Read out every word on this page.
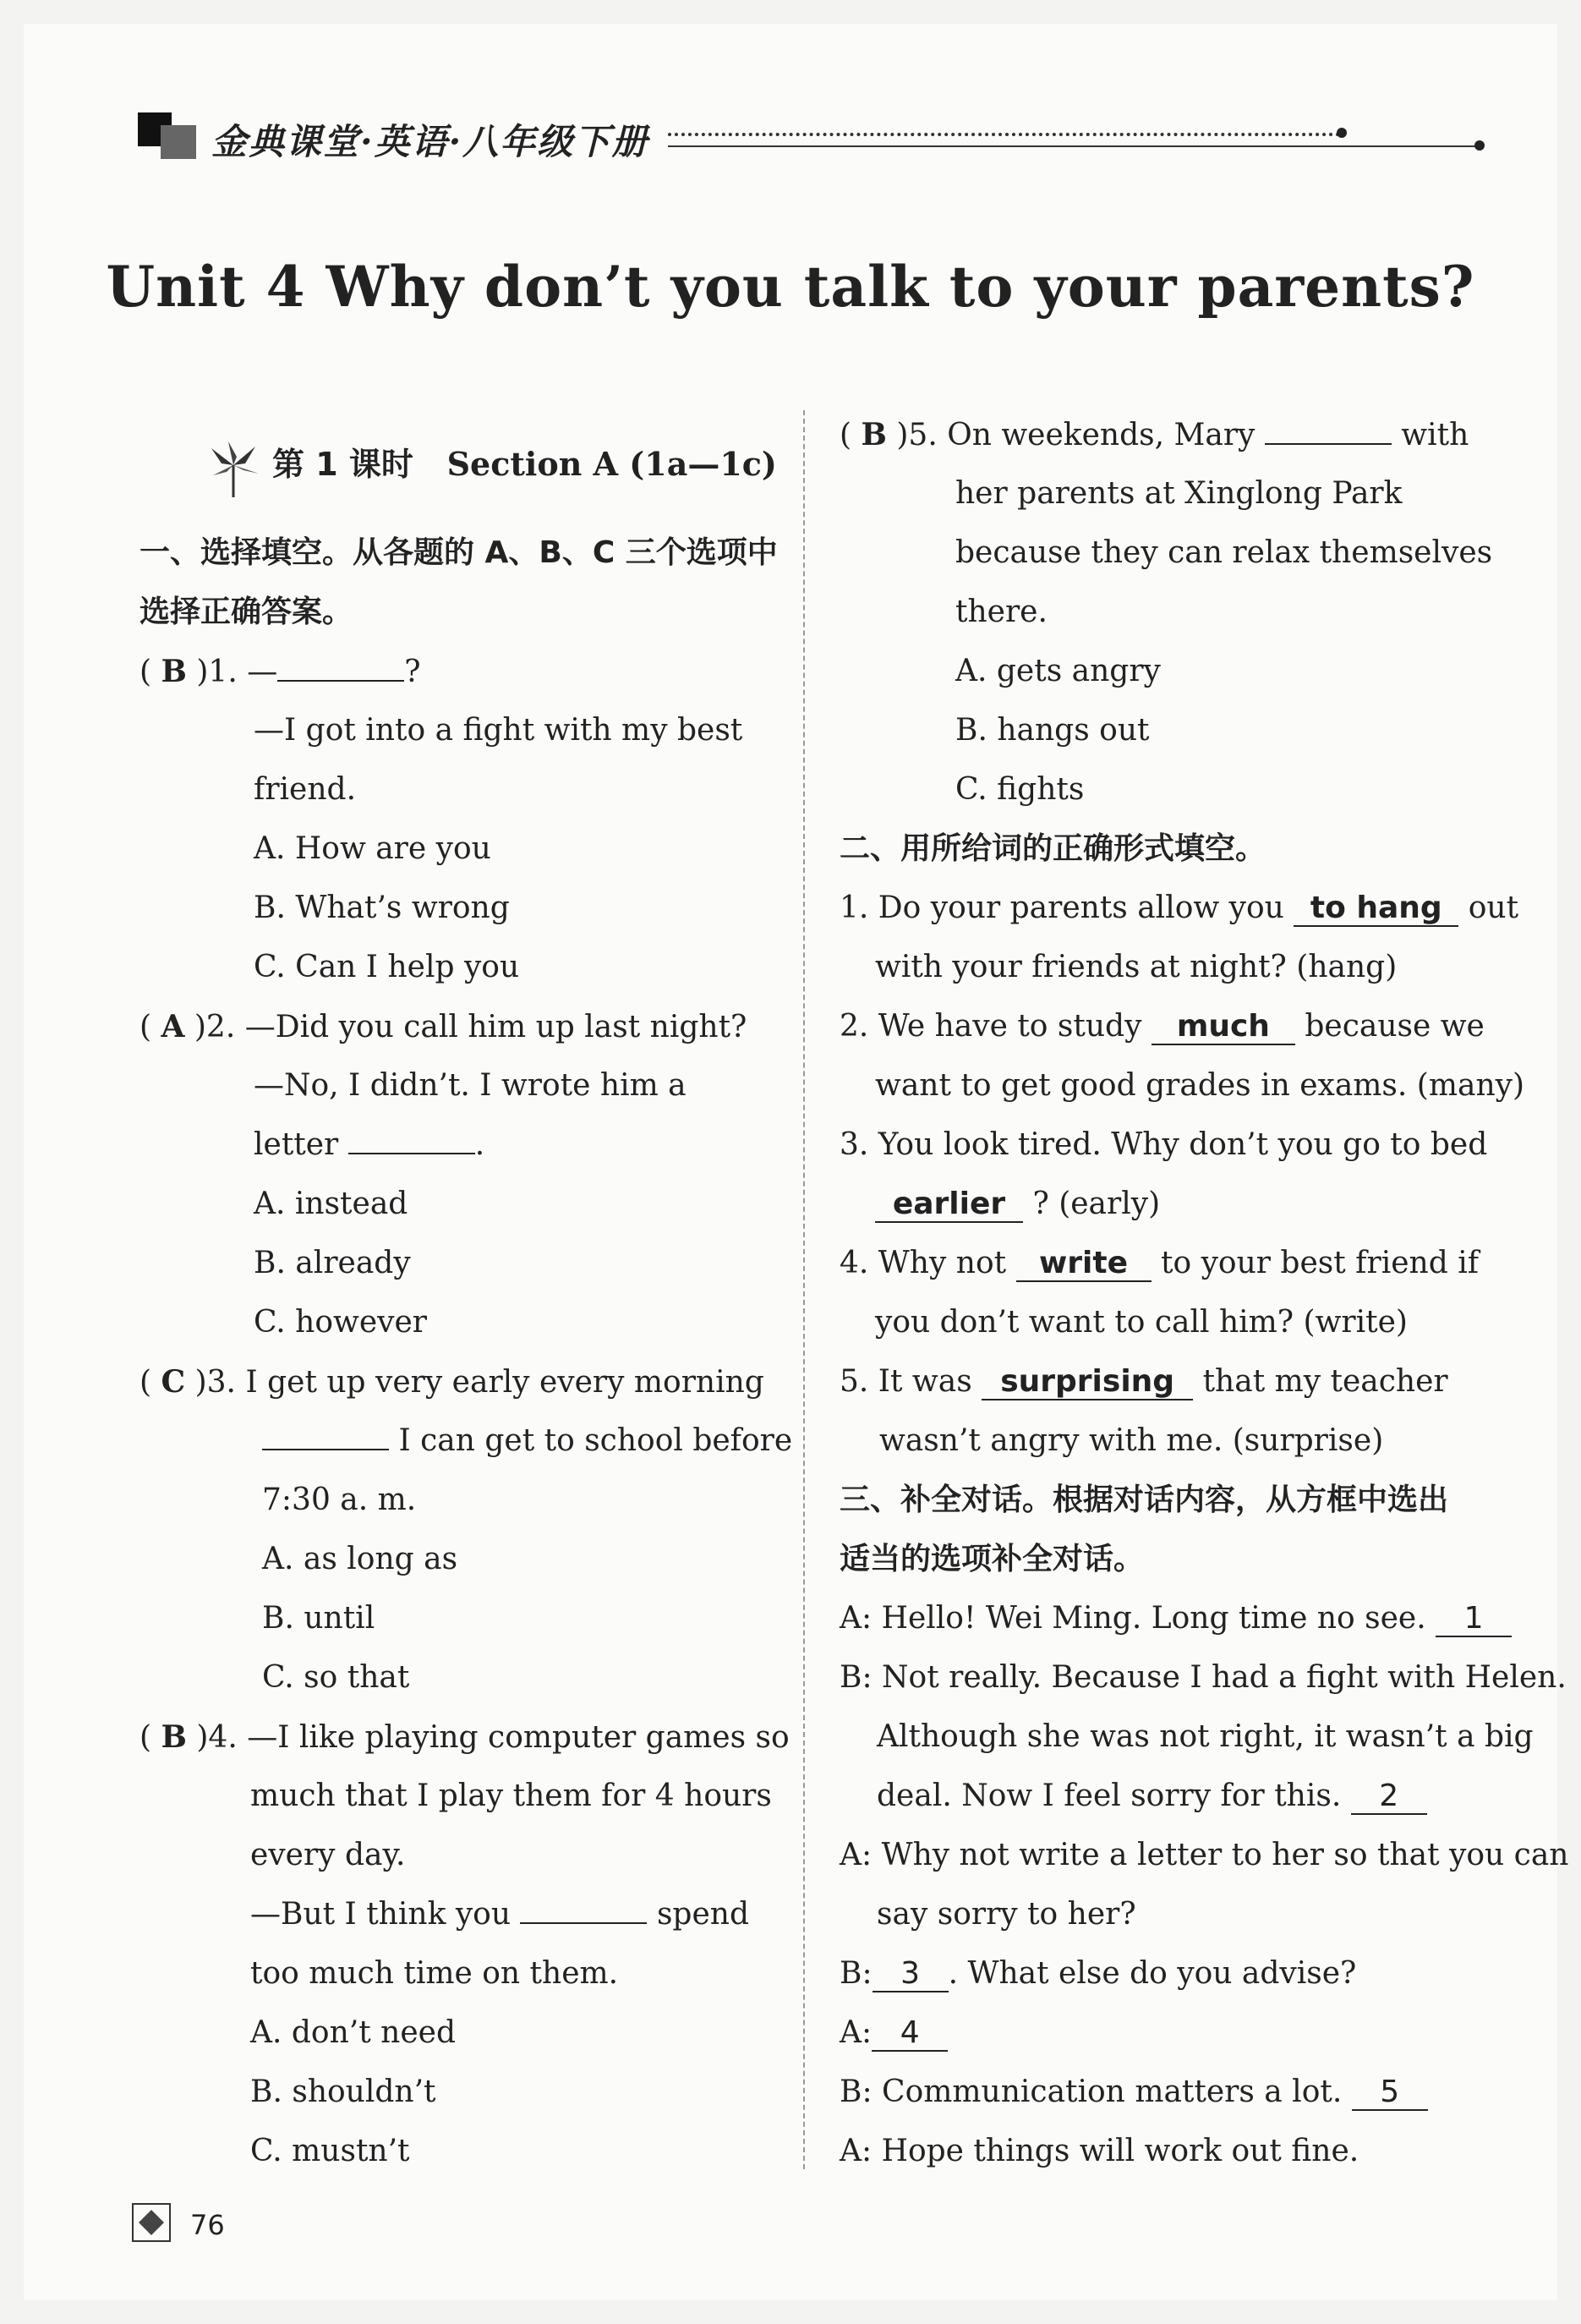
金典课堂·英语·八年级下册
Unit 4 Why don’t you talk to your parents?
第 1 课时 Section A (1a—1c)
一、选择填空。从各题的 A、B、C 三个选项中
选择正确答案。
( B )1. —	?
—I got into a fight with my best
friend.
A. How are you
B. What’s wrong
C. Can I help you
( A )2. —Did you call him up last night?
—No, I didn’t. I wrote him a
letter	.
A. instead
B. already
C. however
( C )3. I get up very early every morning
I can get to school before
7:30 a. m.
A. as long as
B. until
C. so that
( B )4. —I like playing computer games so
much that I play them for 4 hours
every day.
—But I think you	spend
too much time on them.
A. don’t need
B. shouldn’t
C. mustn’t
( B )5. On weekends, Mary	with
her parents at Xinglong Park
because they can relax themselves
there.
A. gets angry
B. hangs out
C. fights
二、用所给词的正确形式填空。
1. Do your parents allow you to hang out
with your friends at night? (hang)
2. We have to study much because we
want to get good grades in exams. (many)
3. You look tired. Why don’t you go to bed
earlier ? (early)
4. Why not write to your best friend if
you don’t want to call him? (write)
5. It was surprising that my teacher
wasn’t angry with me. (surprise)
三、补全对话。根据对话内容，从方框中选出
适当的选项补全对话。
A: Hello! Wei Ming. Long time no see. 1
B: Not really. Because I had a fight with Helen.
Although she was not right, it wasn’t a big
deal. Now I feel sorry for this. 2
A: Why not write a letter to her so that you can
say sorry to her?
B: 3 . What else do you advise?
A: 4
B: Communication matters a lot. 5
A: Hope things will work out fine.
76
